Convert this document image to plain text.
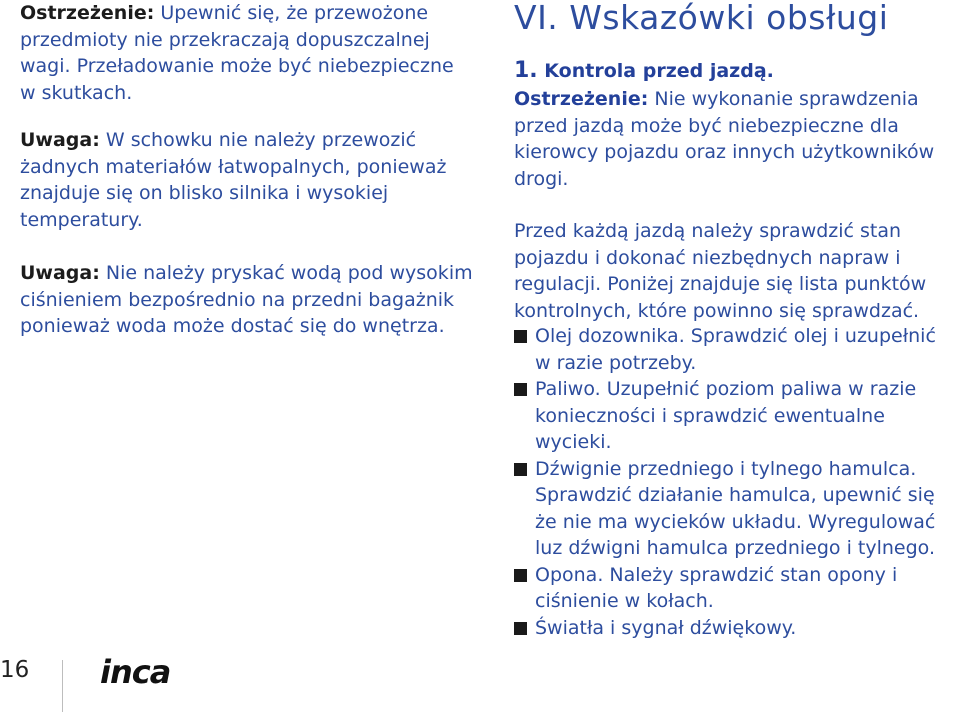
Ostrzeżenie: Upewnić się, że przewożone przedmioty nie przekraczają dopuszczalnej wagi. Przeładowanie może być niebezpieczne w skutkach.

Uwaga: W schowku nie należy przewozić żadnych materiałów łatwopalnych, ponieważ znajduje się on blisko silnika i wysokiej temperatury.

Uwaga: Nie należy pryskać wodą pod wysokim ciśnieniem bezpośrednio na przedni bagażnik ponieważ woda może dostać się do wnętrza.

VI. Wskazówki obsługi
1. Kontrola przed jazdą.

Ostrzeżenie: Nie wykonanie sprawdzenia przed jazdą może być niebezpieczne dla kierowcy pojazdu oraz innych użytkowników drogi.

Przed każdą jazdą należy sprawdzić stan pojazdu i dokonać niezbędnych napraw i regulacji. Poniżej znajduje się lista punktów kontrolnych, które powinno się sprawdzać.

Olej dozownika. Sprawdzić olej i uzupełnić w razie potrzeby.
Paliwo. Uzupełnić poziom paliwa w razie konieczności i sprawdzić ewentualne wycieki.
Dźwignie przedniego i tylnego hamulca. Sprawdzić działanie hamulca, upewnić się że nie ma wycieków układu. Wyregulować luz dźwigni hamulca przedniego i tylnego.
Opona. Należy sprawdzić stan opony i ciśnienie w kołach.
Światła i sygnał dźwiękowy.
16 inca
